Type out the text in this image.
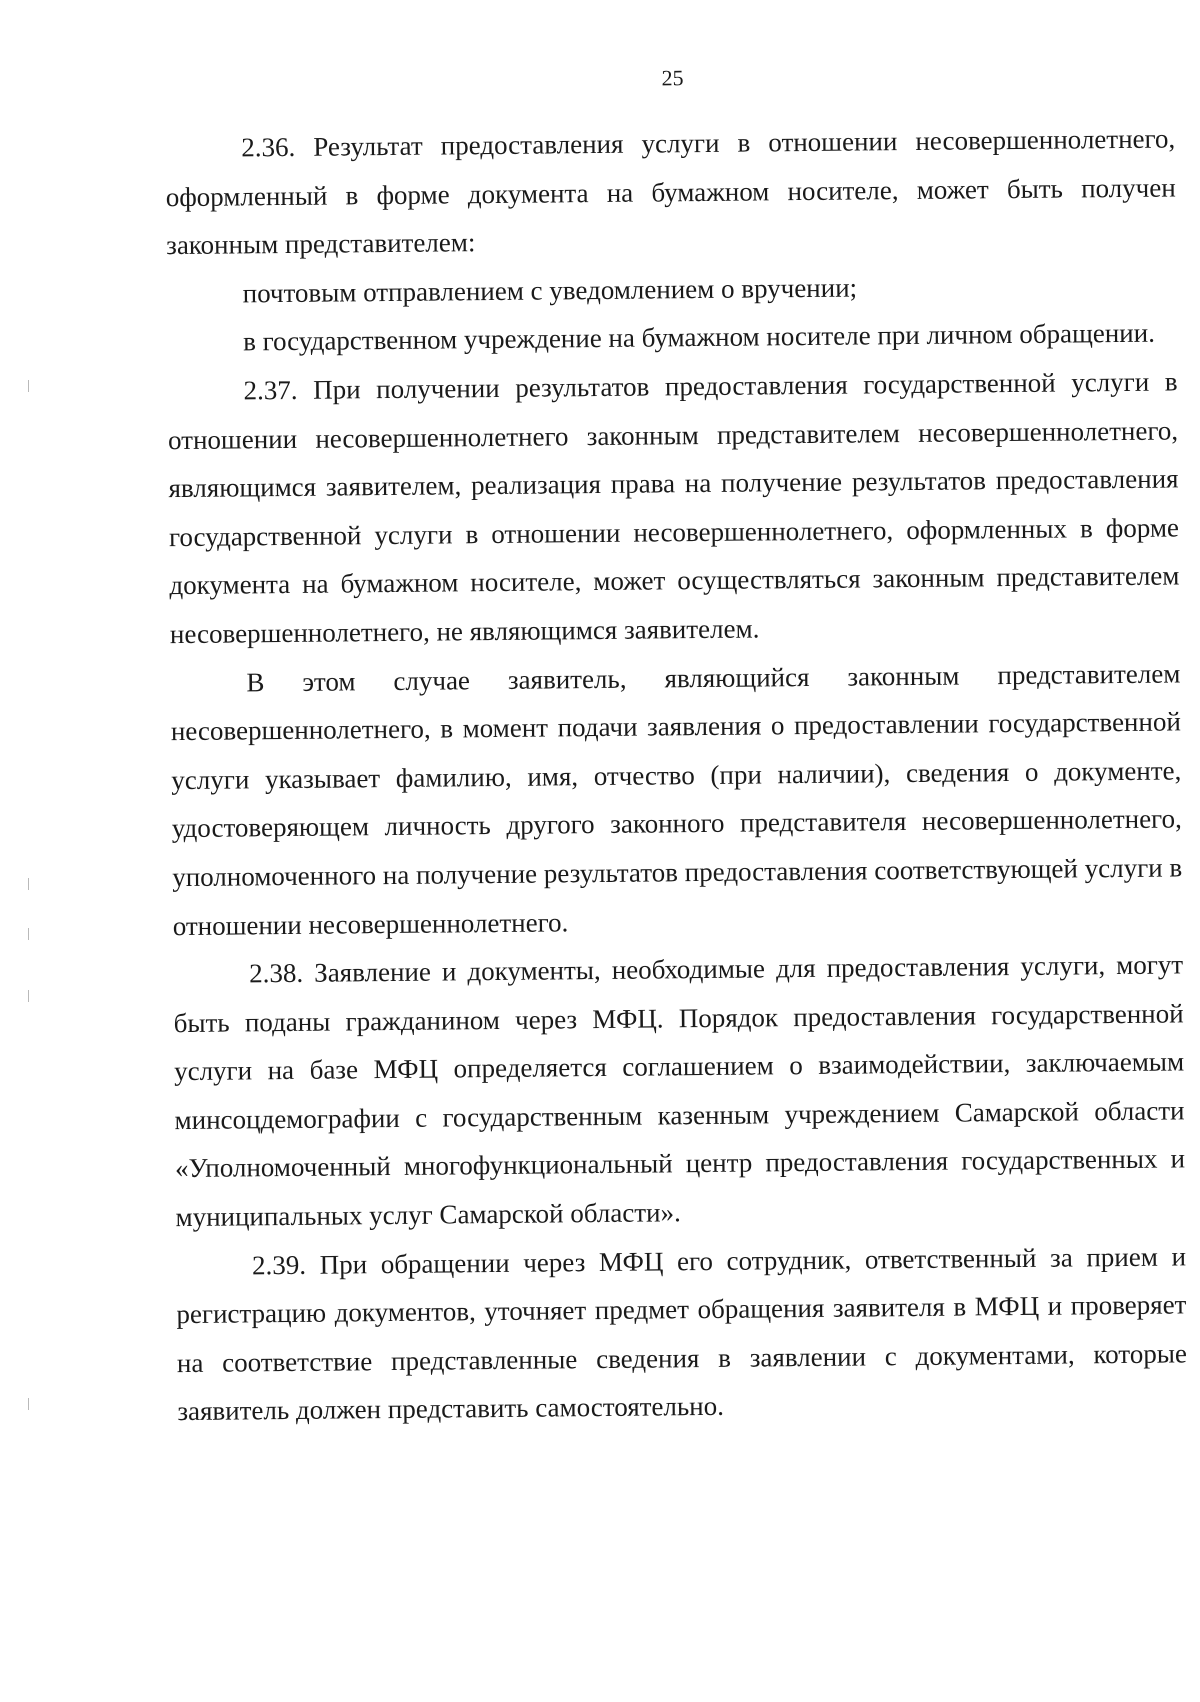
25

2.36. Результат предоставления услуги в отношении несовершеннолетнего, оформленный в форме документа на бумажном носителе, может быть получен законным представителем:

почтовым отправлением с уведомлением о вручении;

в государственном учреждение на бумажном носителе при личном обращении.

2.37. При получении результатов предоставления государственной услуги в отношении несовершеннолетнего законным представителем несовершеннолетнего, являющимся заявителем, реализация права на получение результатов предоставления государственной услуги в отношении несовершеннолетнего, оформленных в форме документа на бумажном носителе, может осуществляться законным представителем несовершеннолетнего, не являющимся заявителем.

В этом случае заявитель, являющийся законным представителем несовершеннолетнего, в момент подачи заявления о предоставлении государственной услуги указывает фамилию, имя, отчество (при наличии), сведения о документе, удостоверяющем личность другого законного представителя несовершеннолетнего, уполномоченного на получение результатов предоставления соответствующей услуги в отношении несовершеннолетнего.

2.38. Заявление и документы, необходимые для предоставления услуги, могут быть поданы гражданином через МФЦ. Порядок предоставления государственной услуги на базе МФЦ определяется соглашением о взаимодействии, заключаемым минсоцдемографии с государственным казенным учреждением Самарской области «Уполномоченный многофункциональный центр предоставления государственных и муниципальных услуг Самарской области».

2.39. При обращении через МФЦ его сотрудник, ответственный за прием и регистрацию документов, уточняет предмет обращения заявителя в МФЦ и проверяет на соответствие представленные сведения в заявлении с документами, которые заявитель должен представить самостоятельно.
